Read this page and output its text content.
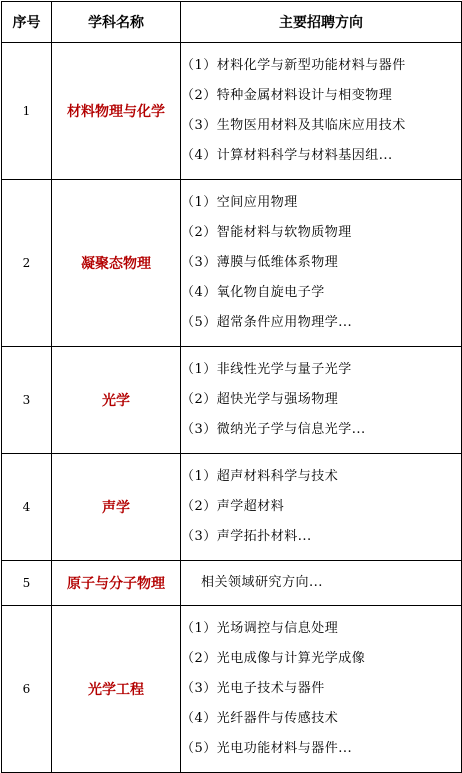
序号	学科名称	主要招聘方向
1	材料物理与化学	（1）材料化学与新型功能材料与器件
（2）特种金属材料设计与相变物理
（3）生物医用材料及其临床应用技术
（4）计算材料科学与材料基因组...

2	凝聚态物理	（1）空间应用物理
（2）智能材料与软物质物理
（3）薄膜与低维体系物理
（4）氧化物自旋电子学
（5）超常条件应用物理学...

3	光学	（1）非线性光学与量子光学
（2）超快光学与强场物理
（3）微纳光子学与信息光学...

4	声学	（1）超声材料科学与技术
（2）声学超材料
（3）声学拓扑材料...

5	原子与分子物理	相关领域研究方向...

6	光学工程	（1）光场调控与信息处理
（2）光电成像与计算光学成像
（3）光电子技术与器件
（4）光纤器件与传感技术
（5）光电功能材料与器件...
